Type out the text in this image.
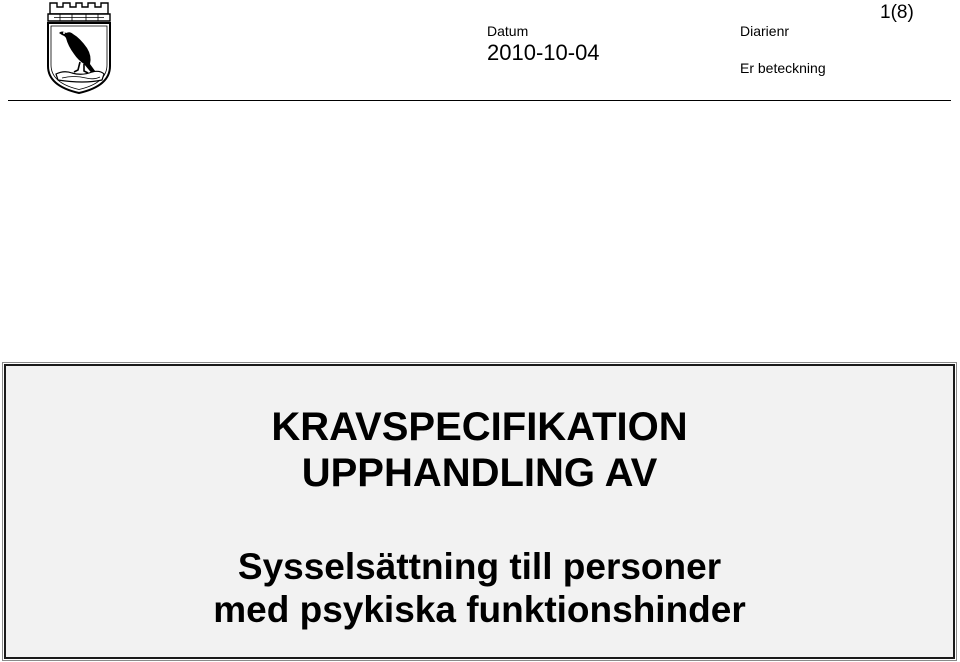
Datum
2010-10-04
Diarienr
Er beteckning
1(8)
KRAVSPECIFIKATION
UPPHANDLING AV
Sysselsättning till personer
med psykiska funktionshinder
